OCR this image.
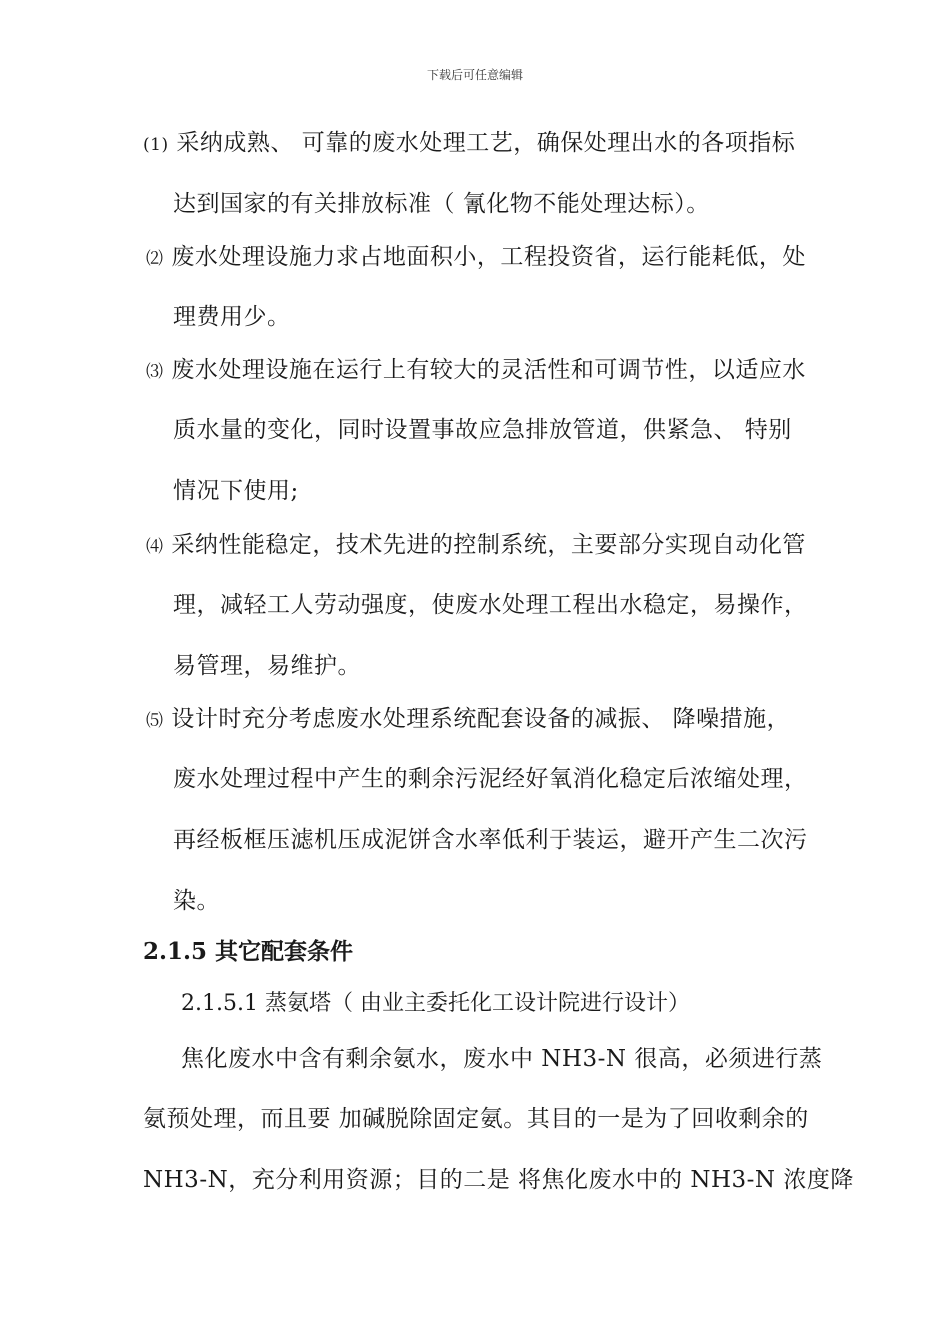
下载后可任意编辑
(1) 采纳成熟、 可靠的废水处理工艺，确保处理出水的各项指标
达到国家的有关排放标准（ 氰化物不能处理达标）。
⑵ 废水处理设施力求占地面积小，工程投资省，运行能耗低，处
理费用少。
⑶ 废水处理设施在运行上有较大的灵活性和可调节性，以适应水
质水量的变化，同时设置事故应急排放管道，供紧急、 特别
情况下使用;
⑷ 采纳性能稳定，技术先进的控制系统，主要部分实现自动化管
理，减轻工人劳动强度，使废水处理工程出水稳定，易操作，
易管理，易维护。
⑸ 设计时充分考虑废水处理系统配套设备的减振、 降噪措施，
废水处理过程中产生的剩余污泥经好氧消化稳定后浓缩处理，
再经板框压滤机压成泥饼含水率低利于装运，避开产生二次污
染。
2.1.5 其它配套条件
2.1.5.1 蒸氨塔（ 由业主委托化工设计院进行设计）
焦化废水中含有剩余氨水，废水中 NH3-N 很高，必须进行蒸
氨预处理，而且要 加碱脱除固定氨。其目的一是为了回收剩余的
NH3-N，充分利用资源；目的二是 将焦化废水中的 NH3-N 浓度降
